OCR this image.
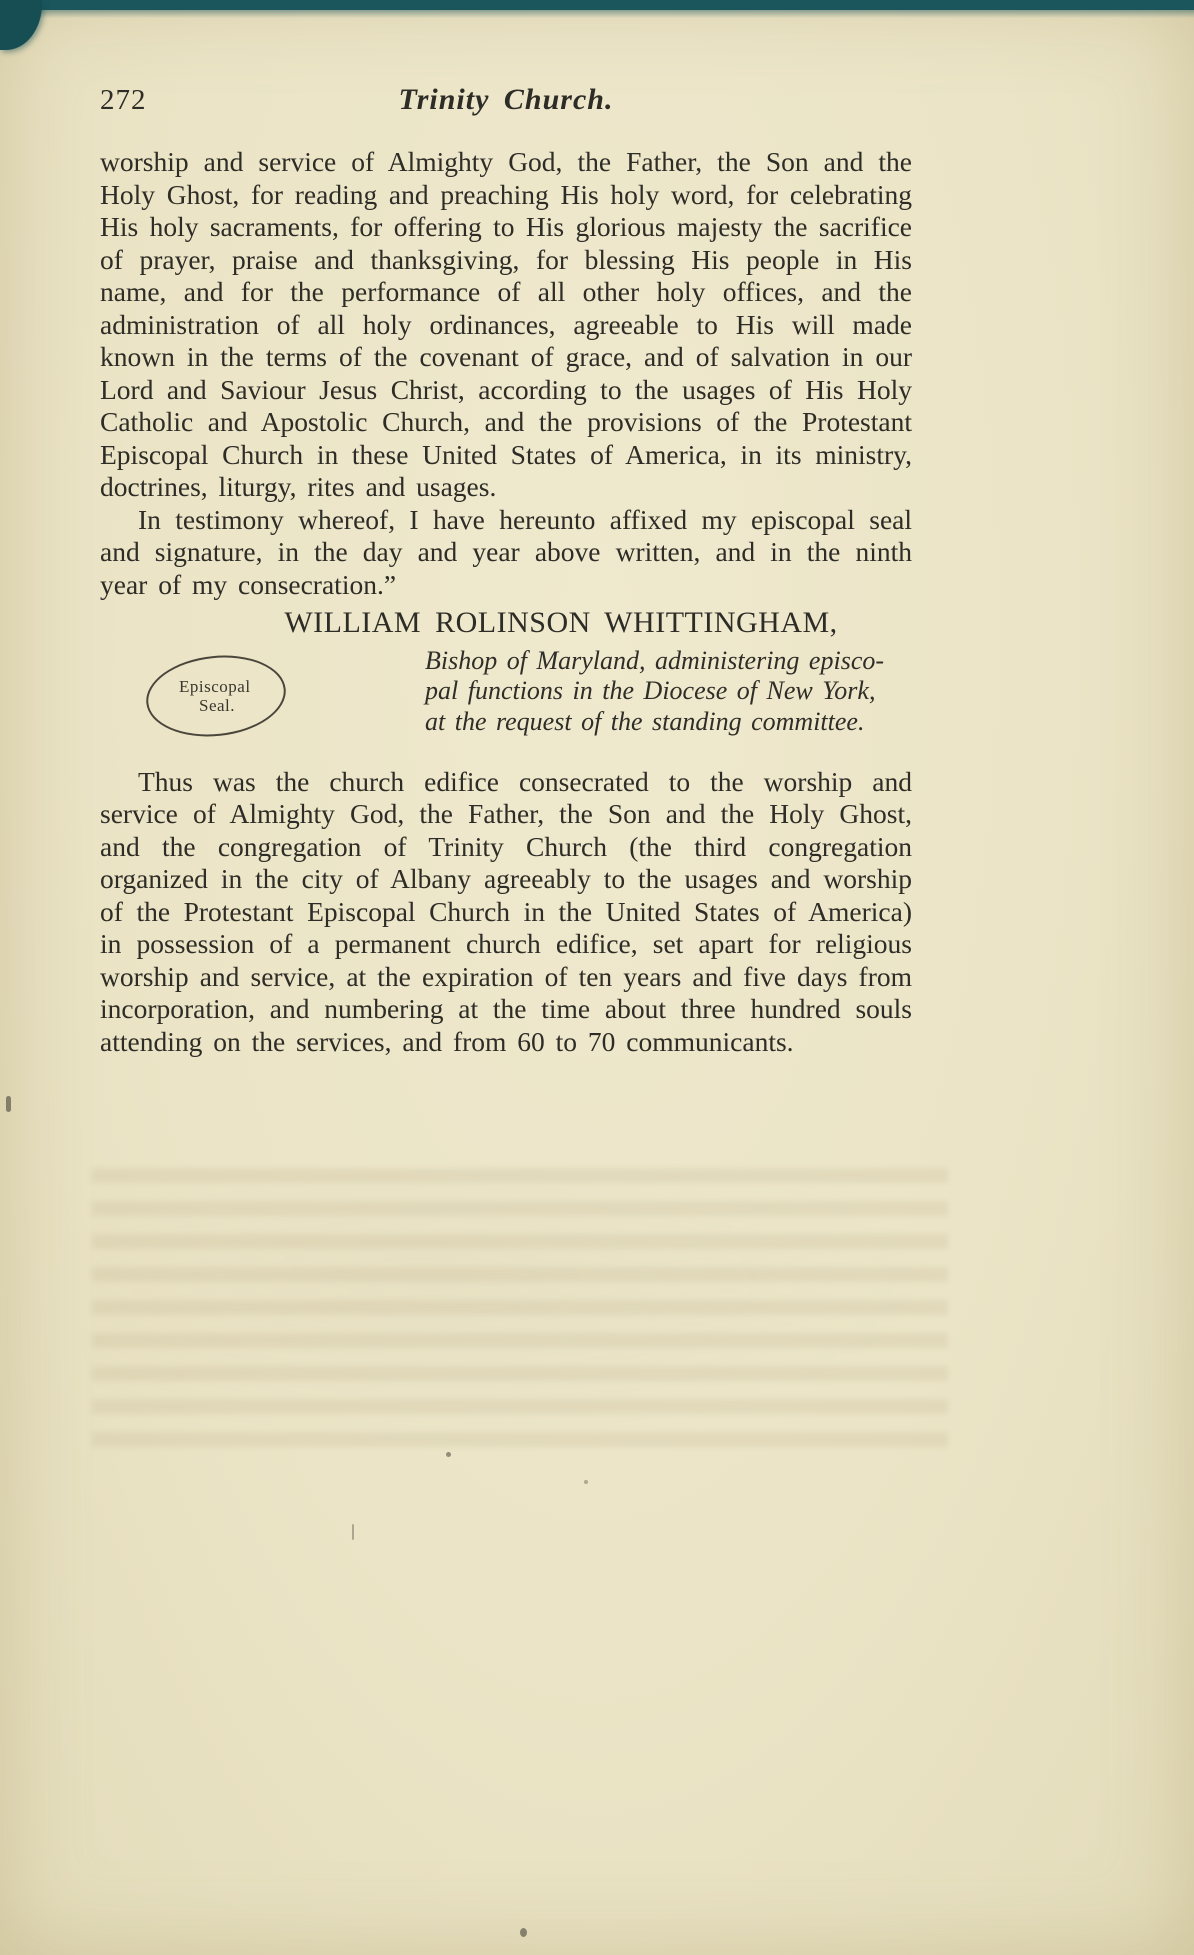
272	Trinity Church.

worship and service of Almighty God, the Father, the Son and the Holy Ghost, for reading and preaching His holy word, for celebrating His holy sacraments, for offering to His glorious majesty the sacrifice of prayer, praise and thanksgiving, for blessing His people in His name, and for the performance of all other holy offices, and the administration of all holy ordinances, agreeable to His will made known in the terms of the covenant of grace, and of salvation in our Lord and Saviour Jesus Christ, according to the usages of His Holy Catholic and Apostolic Church, and the provisions of the Protestant Episcopal Church in these United States of America, in its ministry, doctrines, liturgy, rites and usages.

In testimony whereof, I have hereunto affixed my episcopal seal and signature, in the day and year above written, and in the ninth year of my consecration.”

WILLIAM ROLINSON WHITTINGHAM,
Episcopal
Seal.
Bishop of Maryland, administering episco-
pal functions in the Diocese of New York,
at the request of the standing committee.

Thus was the church edifice consecrated to the worship and service of Almighty God, the Father, the Son and the Holy Ghost, and the congregation of Trinity Church (the third congregation organized in the city of Albany agreeably to the usages and worship of the Protestant Episcopal Church in the United States of America) in possession of a permanent church edifice, set apart for religious worship and service, at the expiration of ten years and five days from incorporation, and numbering at the time about three hundred souls attending on the services, and from 60 to 70 communicants.
